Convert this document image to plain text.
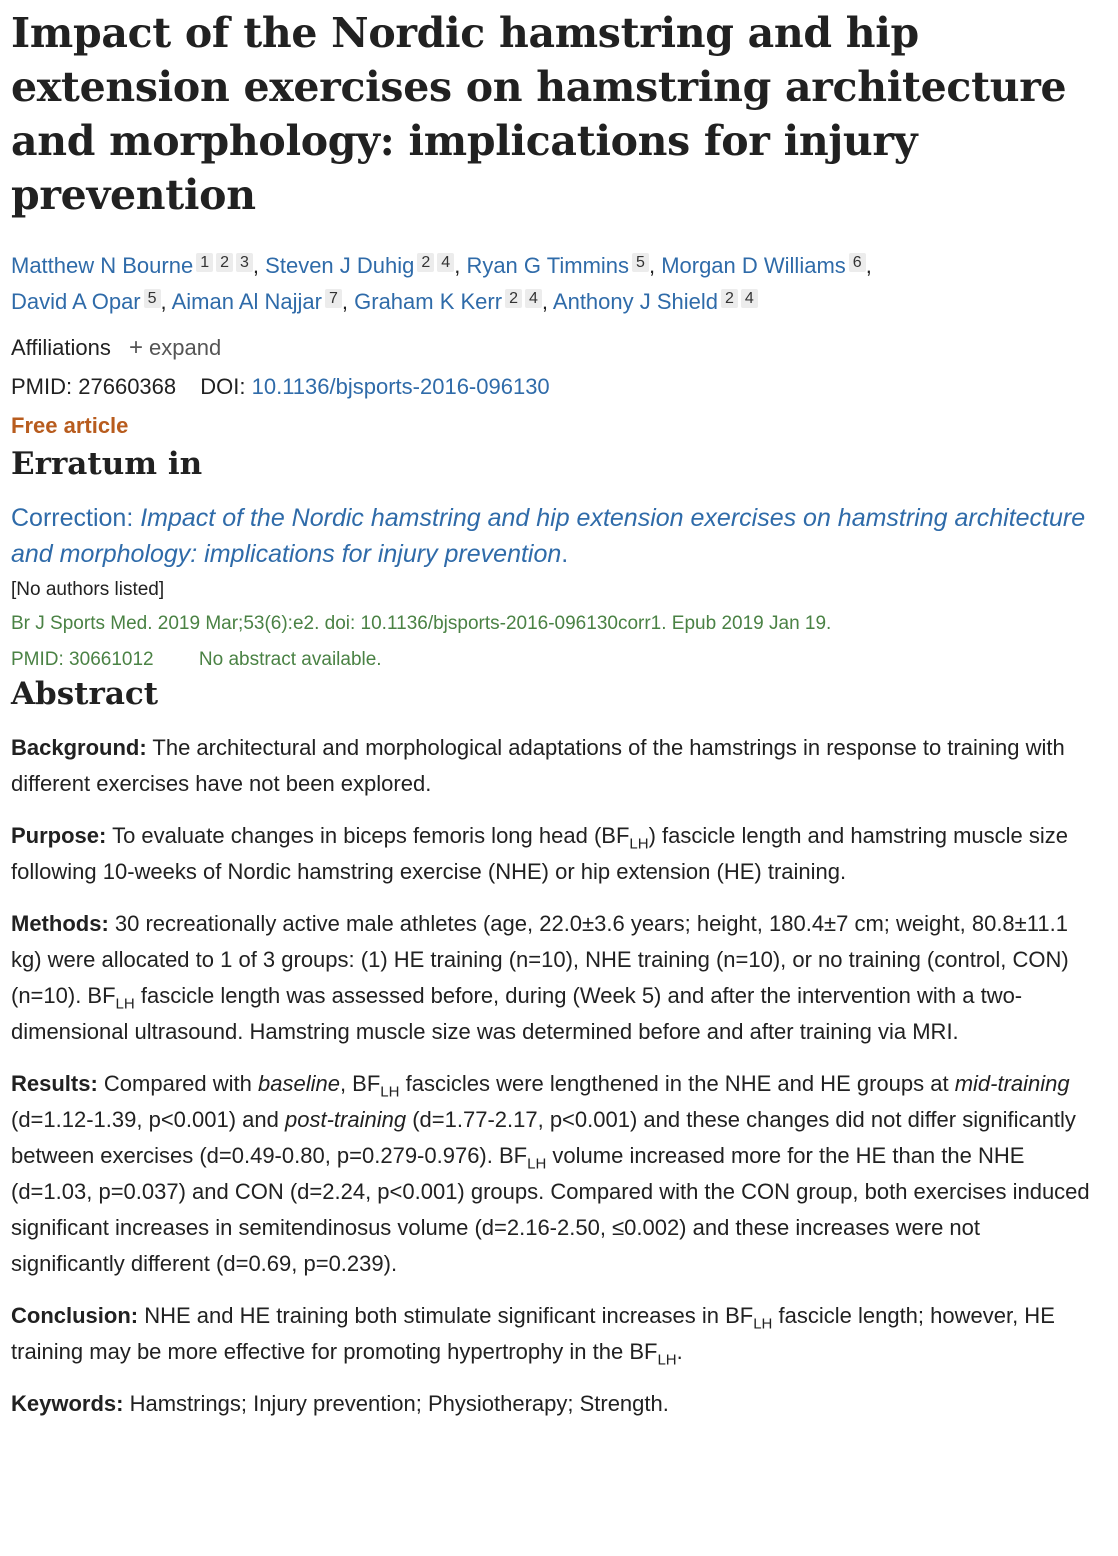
Impact of the Nordic hamstring and hip extension exercises on hamstring architecture and morphology: implications for injury prevention
Matthew N Bourne 1 2 3 , Steven J Duhig 2 4 , Ryan G Timmins 5 , Morgan D Williams 6 ,
David A Opar 5 , Aiman Al Najjar 7 , Graham K Kerr 2 4 , Anthony J Shield 2 4
Affiliations + expand
PMID: 27660368 DOI: 10.1136/bjsports-2016-096130
Free article
Erratum in
Correction: Impact of the Nordic hamstring and hip extension exercises on hamstring architecture and morphology: implications for injury prevention.
[No authors listed]
Br J Sports Med. 2019 Mar;53(6):e2. doi: 10.1136/bjsports-2016-096130corr1. Epub 2019 Jan 19.
PMID: 30661012 No abstract available.
Abstract

Background: The architectural and morphological adaptations of the hamstrings in response to training with different exercises have not been explored.

Purpose: To evaluate changes in biceps femoris long head $(BF_{LH})$ fascicle length and hamstring muscle size following 10-weeks of Nordic hamstring exercise (NHE) or hip extension (HE) training.

Methods: 30 recreationally active male athletes (age, 22.0±3.6 years; height, 180.4±7 cm; weight, 80.8±11.1 kg) were allocated to 1 of 3 groups: (1) HE training (n=10), NHE training (n=10), or no training (control, CON) (n=10). $BF_{LH}$ fascicle length was assessed before, during (Week 5) and after the intervention with a two-dimensional ultrasound. Hamstring muscle size was determined before and after training via MRI.

Results: Compared with baseline, $BF_{LH}$ fascicles were lengthened in the NHE and HE groups at mid-training (d=1.12-1.39, p<0.001) and post-training (d=1.77-2.17, p<0.001) and these changes did not differ significantly between exercises (d=0.49-0.80, p=0.279-0.976). $BF_{LH}$ volume increased more for the HE than the NHE (d=1.03, p=0.037) and CON (d=2.24, p<0.001) groups. Compared with the CON group, both exercises induced significant increases in semitendinosus volume (d=2.16-2.50, ≤0.002) and these increases were not significantly different (d=0.69, p=0.239).

Conclusion: NHE and HE training both stimulate significant increases in $BF_{LH}$ fascicle length; however, HE training may be more effective for promoting hypertrophy in the $BF_{LH}$.

Keywords: Hamstrings; Injury prevention; Physiotherapy; Strength.
